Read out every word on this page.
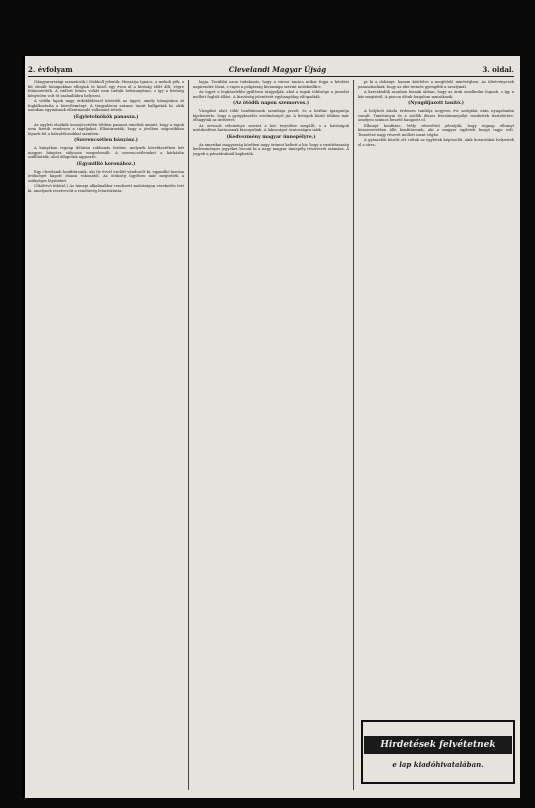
2. évfolyam	Clevelandi Magyar Újság	3. oldal.

(Magyarországi szenzációk.) Mekkoll jelentik: Huszárja Ignácz, a mekoli pék, a kit elmúlt hónapokban elfogtak és közel egy éven át a bíróság előtt állt, végre felmentették. A vádlott bűnös voltát nem tudták bebizonyítani, s így a bíróság kénytelen volt őt szabadlábra helyezni.

A vidéki lapok nagy érdeklődéssel kísérték az ügyet, amely hónapokon át foglalkoztatta a közvéleményt. A tárgyaláson számos tanút hallgattak ki, akik azonban egymásnak ellentmondó vallomást tettek.

(Egyletelnökök panasza.)

Az egyleti elnökök összejövetelén többen panaszt emeltek amiatt, hogy a tagok nem fizetik rendesen a tagdíjakat. Elhatározták, hogy a jövőben szigorúbban lépnek fel a hátralékosokkal szemben.

(Szerencsétlen bányász.)

A bányában tegnap délután robbanás történt, melynek következtében két magyar bányász súlyosan megsebesült. A szerencsétleneket a kórházba szállították, ahol állapotuk aggasztó.

(Egymillió koronához.)

Egy clevelandi honfitársunk, aki tíz évvel ezelőtt vándorolt ki, egymillió korona örökséget kapott óhazai rokonától. Az örökség ügyében már megtették a szükséges lépéseket.

(Ökölvívó ütköző.) Az ünnepi alkalmakkor rendezett mulatságon verekedés tört ki, amelynek résztvevőit a rendőrség letartóztatta.

lapja. Továbbá azon tudakozás, hogy a városi tanács mikor fogja a kérdést napirendre tűzni, s vajon a polgárság kívánsága szerint intézkedik-e.

Az ügyet a legközelebbi gyűlésen tárgyalják, ahol a tagok többsége a javaslat mellett foglalt állást. A bizottság jelentését egyhangúlag elfogadták.

(Az ötödik napon szemorvos.)

Vizsgálat alatt több honfitársunk szembaja javult, és a kórház igazgatója kijelentette, hogy a gyógykezelés eredménnyel jár. A betegek közül többen már elhagyták az intézetet.

Az orvosok véleménye szerint a kór terjedése megállt, s a hatóságok intézkedései hatásosnak bizonyultak. A lakosságot óvatosságra intik.

(Kedvezmény magyar ünnepélyre.)

Az amerikai magyarság körében nagy örömet keltett a hír, hogy a vasúttársaság kedvezményes jegyeket bocsát ki a nagy magyar ünnepély résztvevői számára. A jegyek a pénztáraknál kaphatók.

pi ki a dohányt, hanem kiérlelve a megfelelő minőségben. Az ültetvényesek panaszkodnak, hogy az idei termés gyengébb a tavalyinál.

A kereskedők azonban bíznak abban, hogy az árak emelkedni fognak, s így a kár megtérül. A piacon élénk forgalom mutatkozik.

(Nyugdíjazott tanító.)

A helybeli iskola érdemes tanítója negyven évi szolgálat után nyugalomba vonult. Tanítványai és a szülők díszes búcsúünnepélyt rendeztek tiszteletére, amelyen számos beszéd hangzott el.

Elhunyt honfitárs. Mély részvéttel jelentjük, hogy tegnap elhunyt közszeretetben álló honfitársunk, aki a magyar egyletek buzgó tagja volt. Temetése nagy részvét mellett ment végbe.

A gyászolók között ott voltak az egyletek képviselői, akik koszorúkat helyeztek el a sírra.

Hirdetések felvétetnek
e lap kiadóhivatalában.
